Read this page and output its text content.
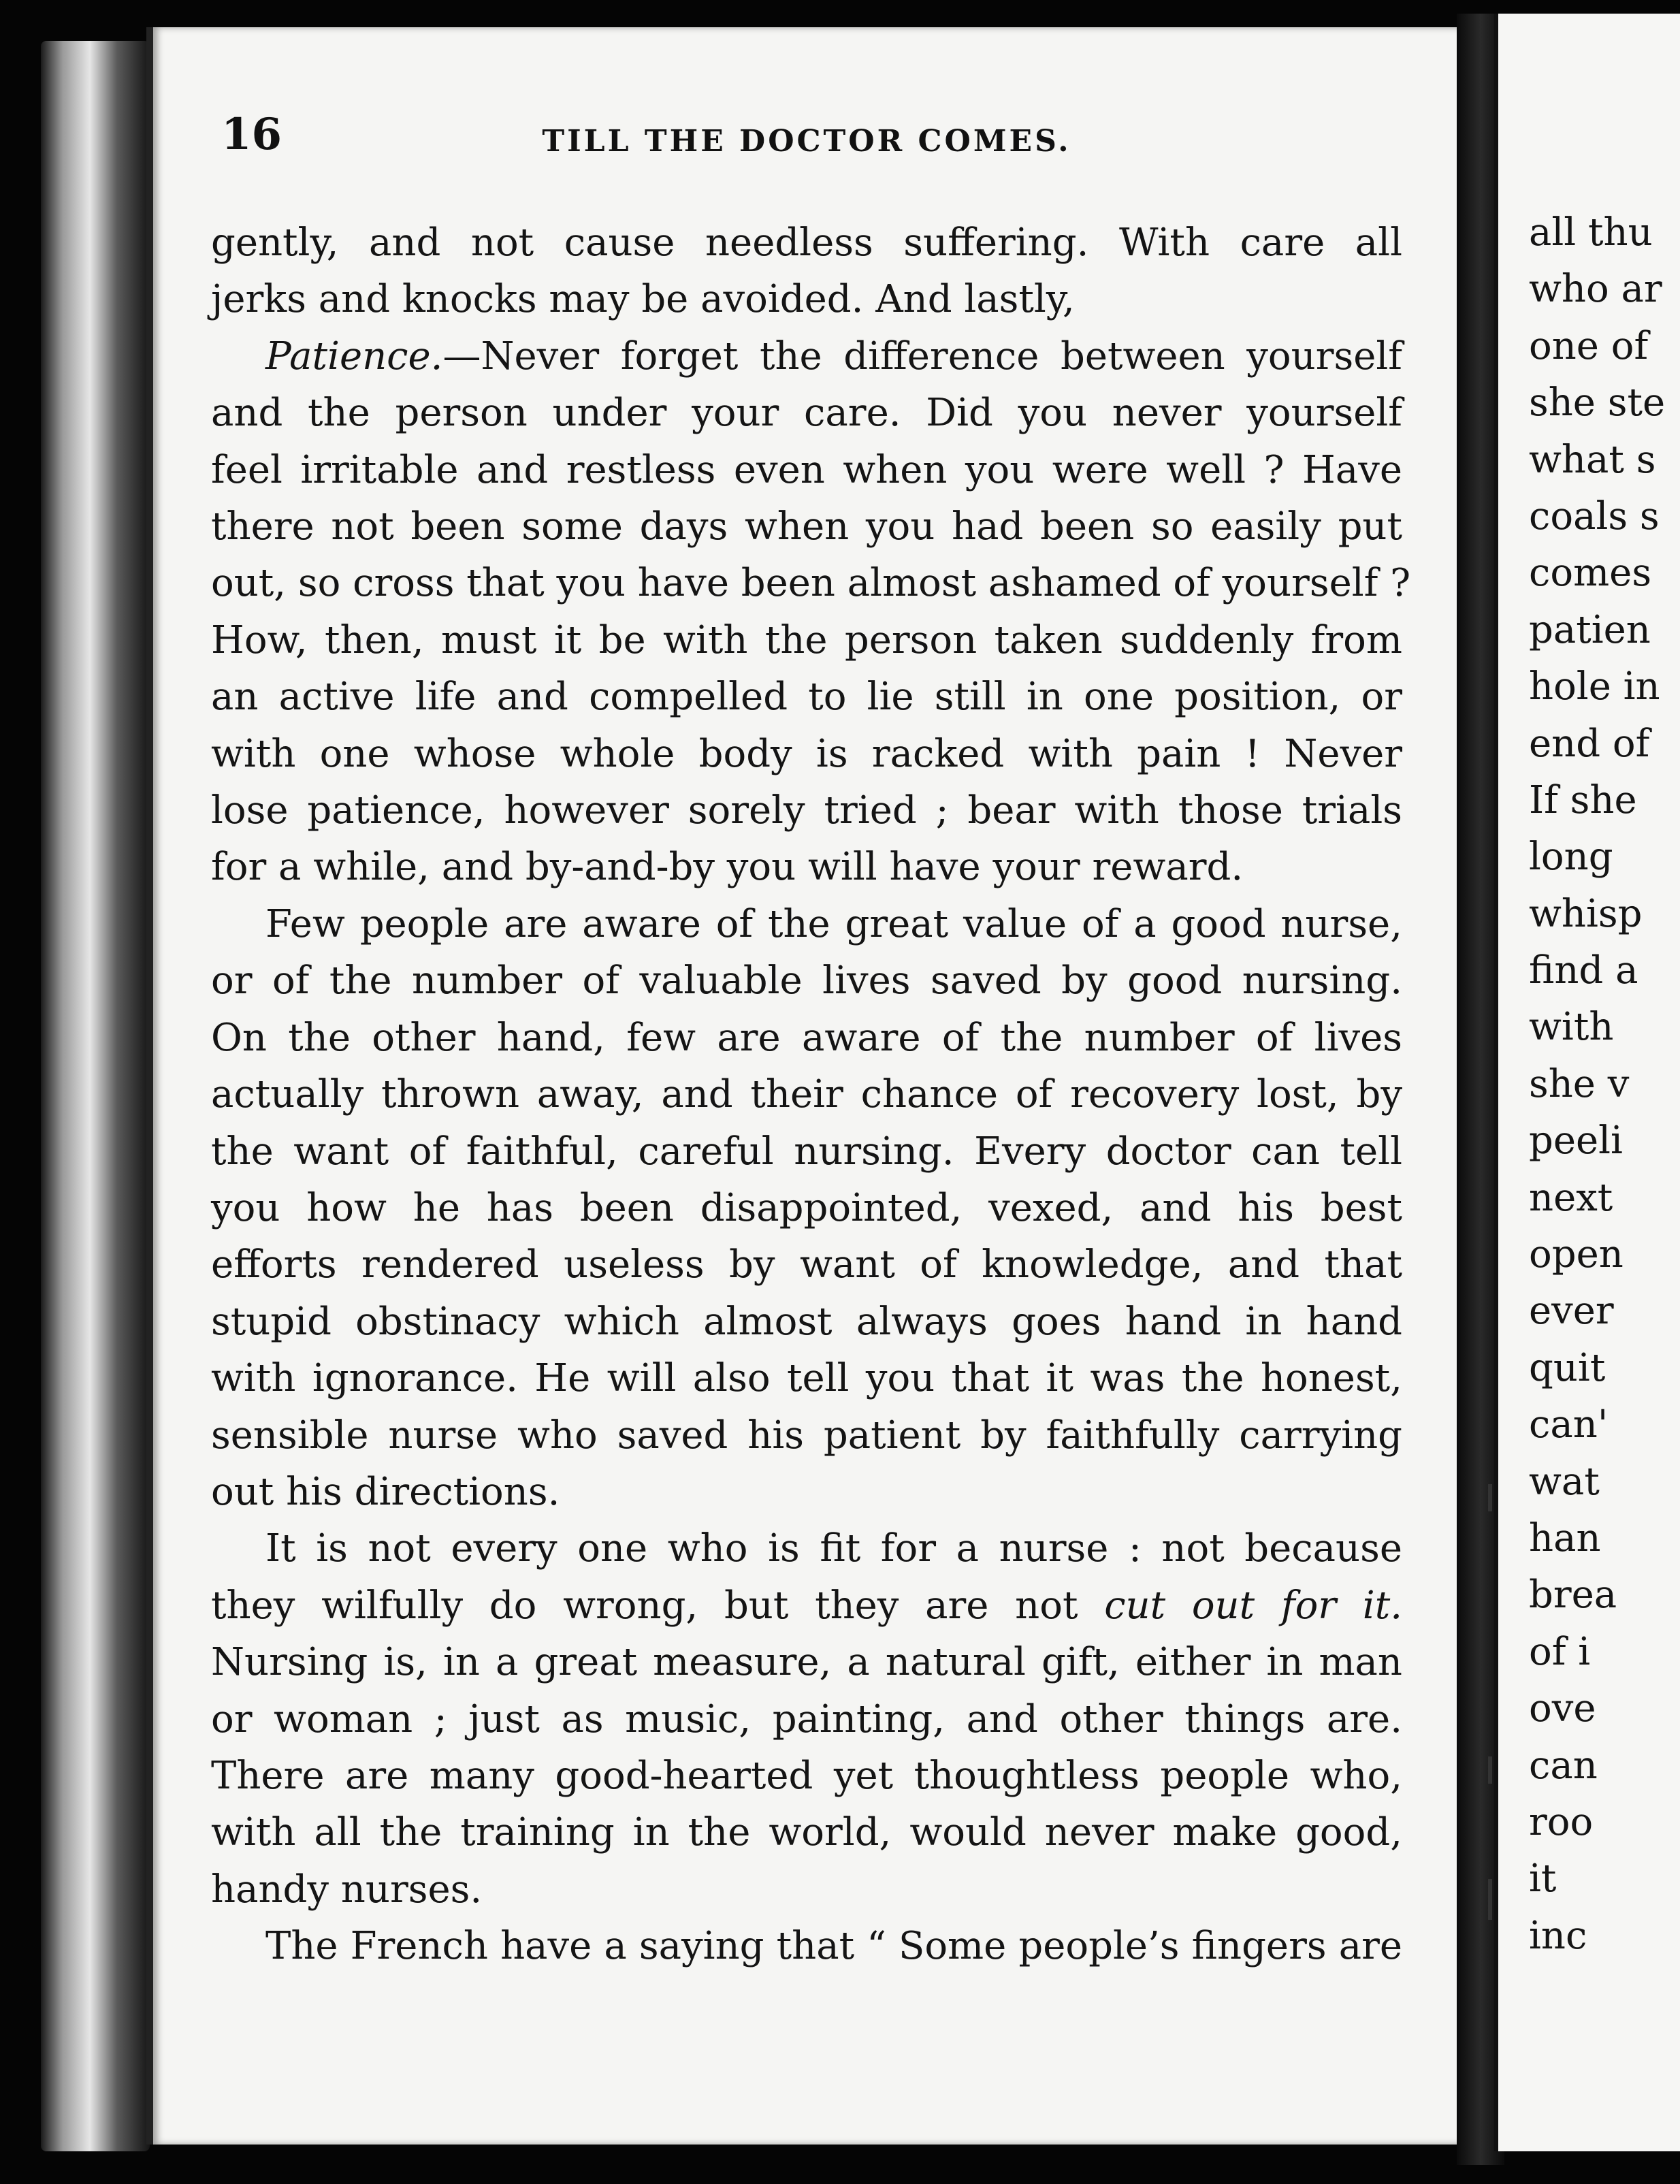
16	TILL THE DOCTOR COMES.
gently, and not cause needless suffering. With care all
jerks and knocks may be avoided. And lastly,
Patience.—Never forget the difference between yourself
and the person under your care. Did you never yourself
feel irritable and restless even when you were well ? Have
there not been some days when you had been so easily put
out, so cross that you have been almost ashamed of yourself ?
How, then, must it be with the person taken suddenly from
an active life and compelled to lie still in one position, or
with one whose whole body is racked with pain ! Never
lose patience, however sorely tried ; bear with those trials
for a while, and by-and-by you will have your reward.
Few people are aware of the great value of a good nurse,
or of the number of valuable lives saved by good nursing.
On the other hand, few are aware of the number of lives
actually thrown away, and their chance of recovery lost, by
the want of faithful, careful nursing. Every doctor can tell
you how he has been disappointed, vexed, and his best
efforts rendered useless by want of knowledge, and that
stupid obstinacy which almost always goes hand in hand
with ignorance. He will also tell you that it was the honest,
sensible nurse who saved his patient by faithfully carrying
out his directions.
It is not every one who is fit for a nurse : not because
they wilfully do wrong, but they are not cut out for it.
Nursing is, in a great measure, a natural gift, either in man
or woman ; just as music, painting, and other things are.
There are many good-hearted yet thoughtless people who,
with all the training in the world, would never make good,
handy nurses.
The French have a saying that “ Some people’s fingers are
all thu
who ar
one of
she ste
what s
coals s
comes
patien
hole in
end of
If she
long
whisp
find a
with
she v
peeli
next
open
ever
quit
can'
wat
han
brea
of i
ove
can
roo
it
inc
